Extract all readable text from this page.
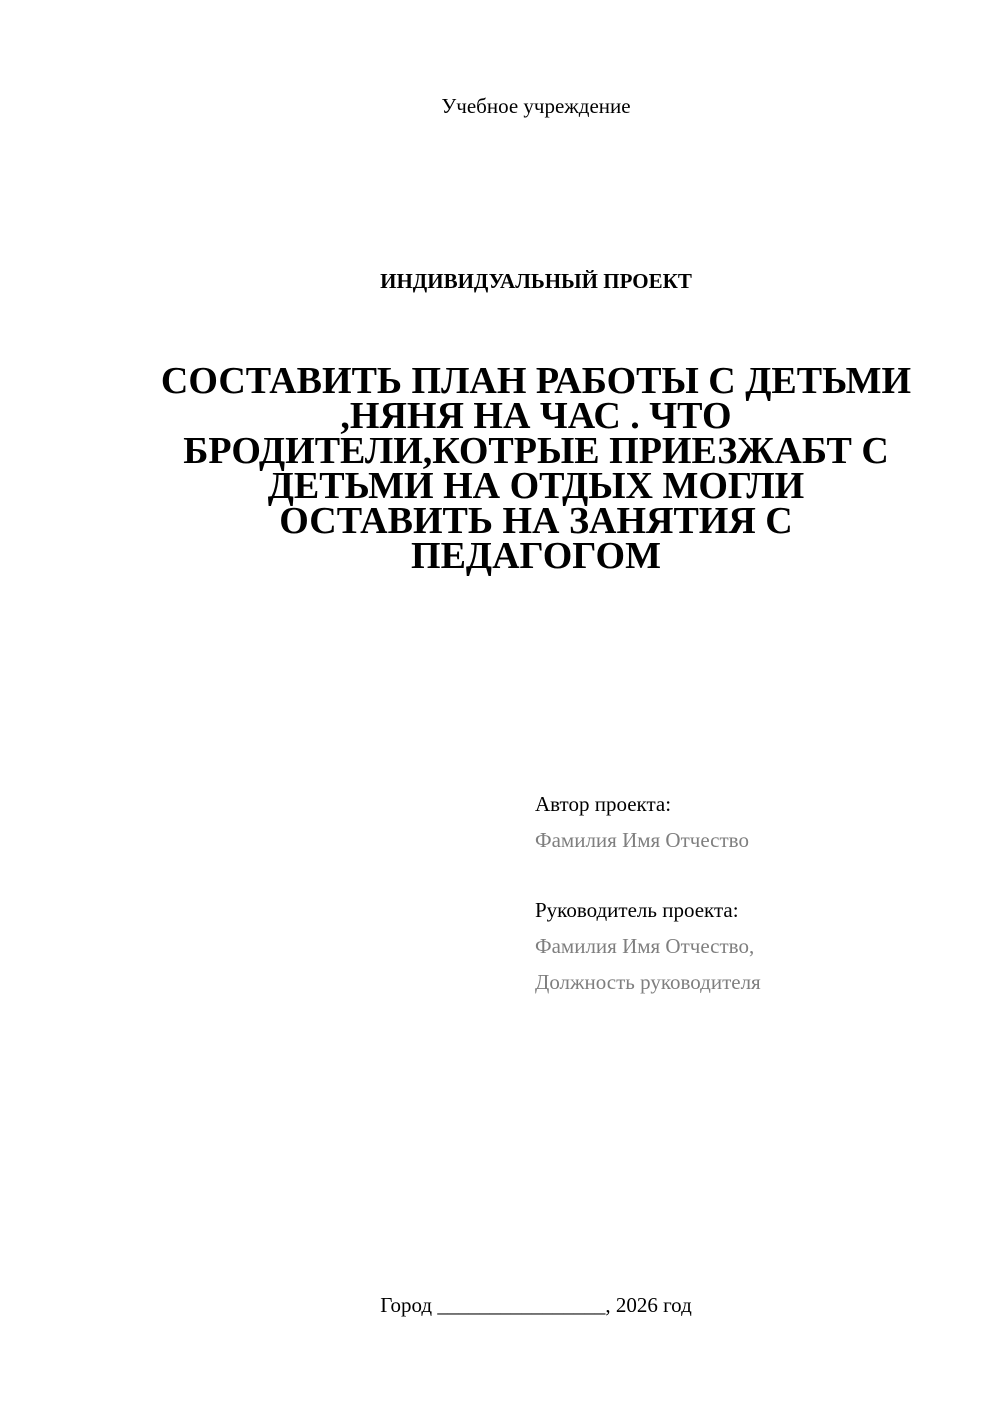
Учебное учреждение
ИНДИВИДУАЛЬНЫЙ ПРОЕКТ
СОСТАВИТЬ ПЛАН РАБОТЫ С ДЕТЬМИ
,НЯНЯ НА ЧАС . ЧТО
БРОДИТЕЛИ,КОТРЫЕ ПРИЕЗЖАБТ С
ДЕТЬМИ НА ОТДЫХ МОГЛИ
ОСТАВИТЬ НА ЗАНЯТИЯ С
ПЕДАГОГОМ
Автор проекта:
Фамилия Имя Отчество
Руководитель проекта:
Фамилия Имя Отчество,
Должность руководителя
Город ________________, 2026 год
